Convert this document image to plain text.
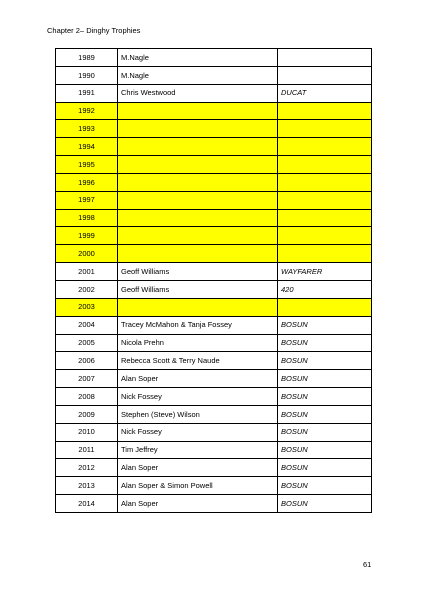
Chapter 2– Dinghy Trophies
1989	M.Nagle	
1990	M.Nagle	
1991	Chris Westwood	DUCAT
1992		
1993		
1994		
1995		
1996		
1997		
1998		
1999		
2000		
2001	Geoff Williams	WAYFARER
2002	Geoff Williams	420
2003		
2004	Tracey McMahon & Tanja Fossey	BOSUN
2005	Nicola Prehn	BOSUN
2006	Rebecca Scott & Terry Naude	BOSUN
2007	Alan Soper	BOSUN
2008	Nick Fossey	BOSUN
2009	Stephen (Steve) Wilson	BOSUN
2010	Nick Fossey	BOSUN
2011	Tim Jeffrey	BOSUN
2012	Alan Soper	BOSUN
2013	Alan Soper & Simon Powell	BOSUN
2014	Alan Soper	BOSUN
61
